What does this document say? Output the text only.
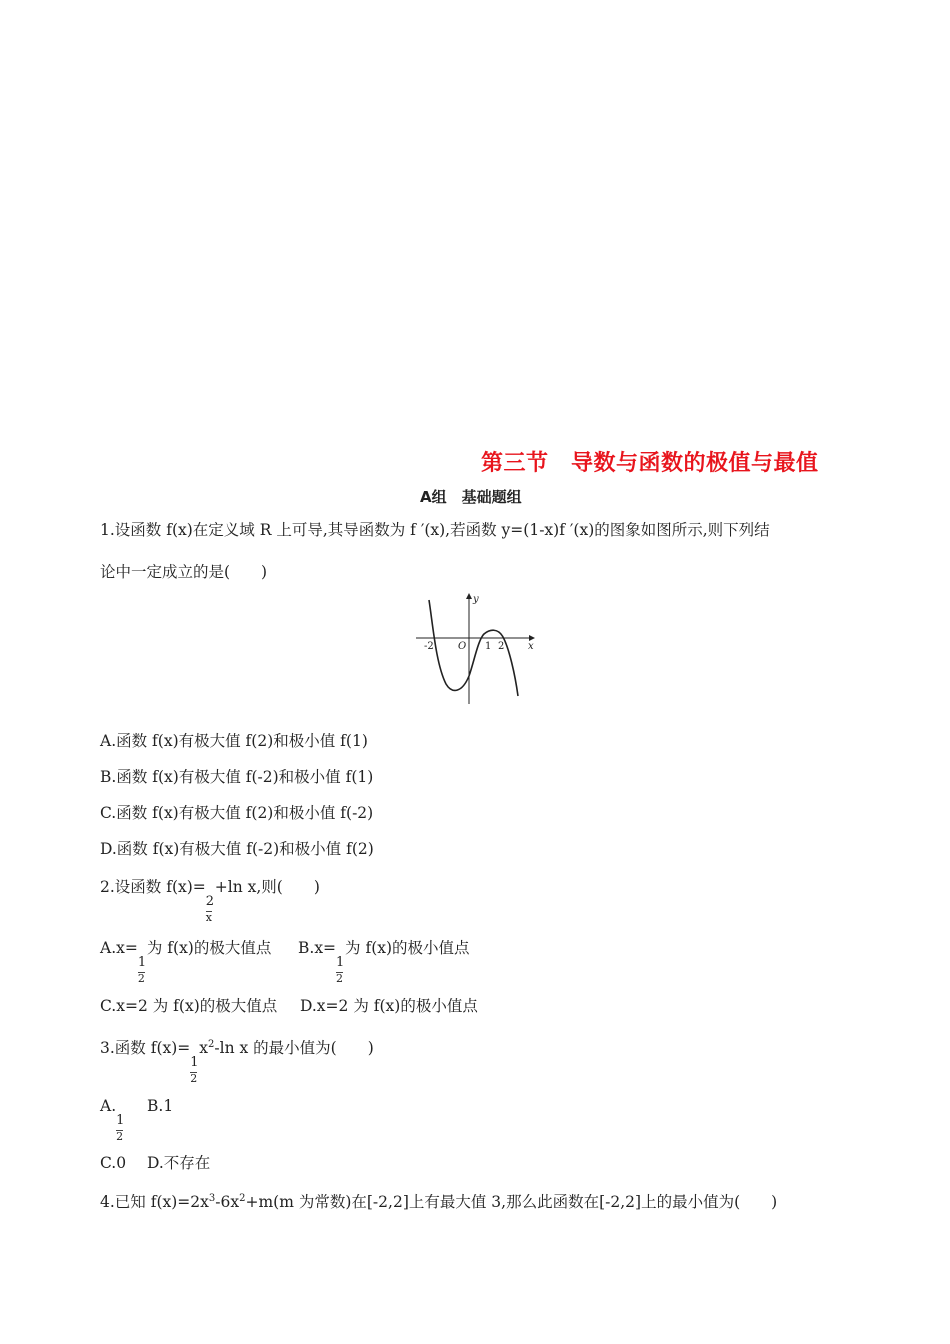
第三节　导数与函数的极值与最值
A组　基础题组
1.设函数 f(x)在定义域 R 上可导,其导函数为 f ′(x),若函数 y=(1-x)f ′(x)的图象如图所示,则下列结
论中一定成立的是(　　)
-2 O 1 2 x
y
A.函数 f(x)有极大值 f(2)和极小值 f(1)
B.函数 f(x)有极大值 f(-2)和极小值 f(1)
C.函数 f(x)有极大值 f(2)和极小值 f(-2)
D.函数 f(x)有极大值 f(-2)和极小值 f(2)
2.设函数 f(x)=
$\frac{2}{x}$
+ln x,则(　　)
A.x=
$\frac{1}{2}$
为 f(x)的极大值点 B.x=
$\frac{1}{2}$
为 f(x)的极小值点
C.x=2 为 f(x)的极大值点 D.x=2 为 f(x)的极小值点
3.函数 f(x)=
$\frac{1}{2}$
$x^2-\ln$ x 的最小值为(　　)
A.
$\frac{1}{2}$
B.1
C.0 D.不存在
4.已知 $f(x)=2x^3-6x^2+m(m$ 为常数)在[-2,2]上有最大值 3,那么此函数在[-2,2]上的最小值为(　　)
